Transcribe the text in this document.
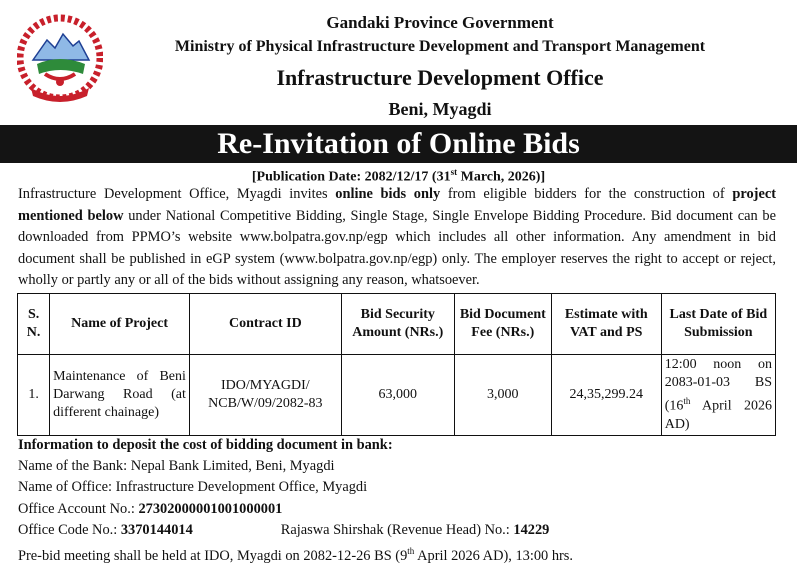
Gandaki Province Government
Ministry of Physical Infrastructure Development and Transport Management
Infrastructure Development Office
Beni, Myagdi
Re-Invitation of Online Bids
[Publication Date: 2082/12/17 (31st March, 2026)]
Infrastructure Development Office, Myagdi invites online bids only from eligible bidders for the construction of project mentioned below under National Competitive Bidding, Single Stage, Single Envelope Bidding Procedure. Bid document can be downloaded from PPMO’s website www.bolpatra.gov.np/egp which includes all other information. Any amendment in bid document shall be published in eGP system (www.bolpatra.gov.np/egp) only. The employer reserves the right to accept or reject, wholly or partly any or all of the bids without assigning any reason, whatsoever.
S. N.	Name of Project	Contract ID	Bid Security Amount (NRs.)	Bid Document Fee (NRs.)	Estimate with VAT and PS	Last Date of Bid Submission
1.	Maintenance of Beni Darwang Road (at different chainage)	IDO/MYAGDI/ NCB/W/09/2082-83	63,000	3,000	24,35,299.24	12:00 noon on 2083-01-03 BS (16th April 2026 AD)
Information to deposit the cost of bidding document in bank:
Name of the Bank: Nepal Bank Limited, Beni, Myagdi
Name of Office: Infrastructure Development Office, Myagdi
Office Account No.: 27302000001001000001
Office Code No.: 3370144014	Rajaswa Shirshak (Revenue Head) No.: 14229
Pre-bid meeting shall be held at IDO, Myagdi on 2082-12-26 BS (9th April 2026 AD), 13:00 hrs.
